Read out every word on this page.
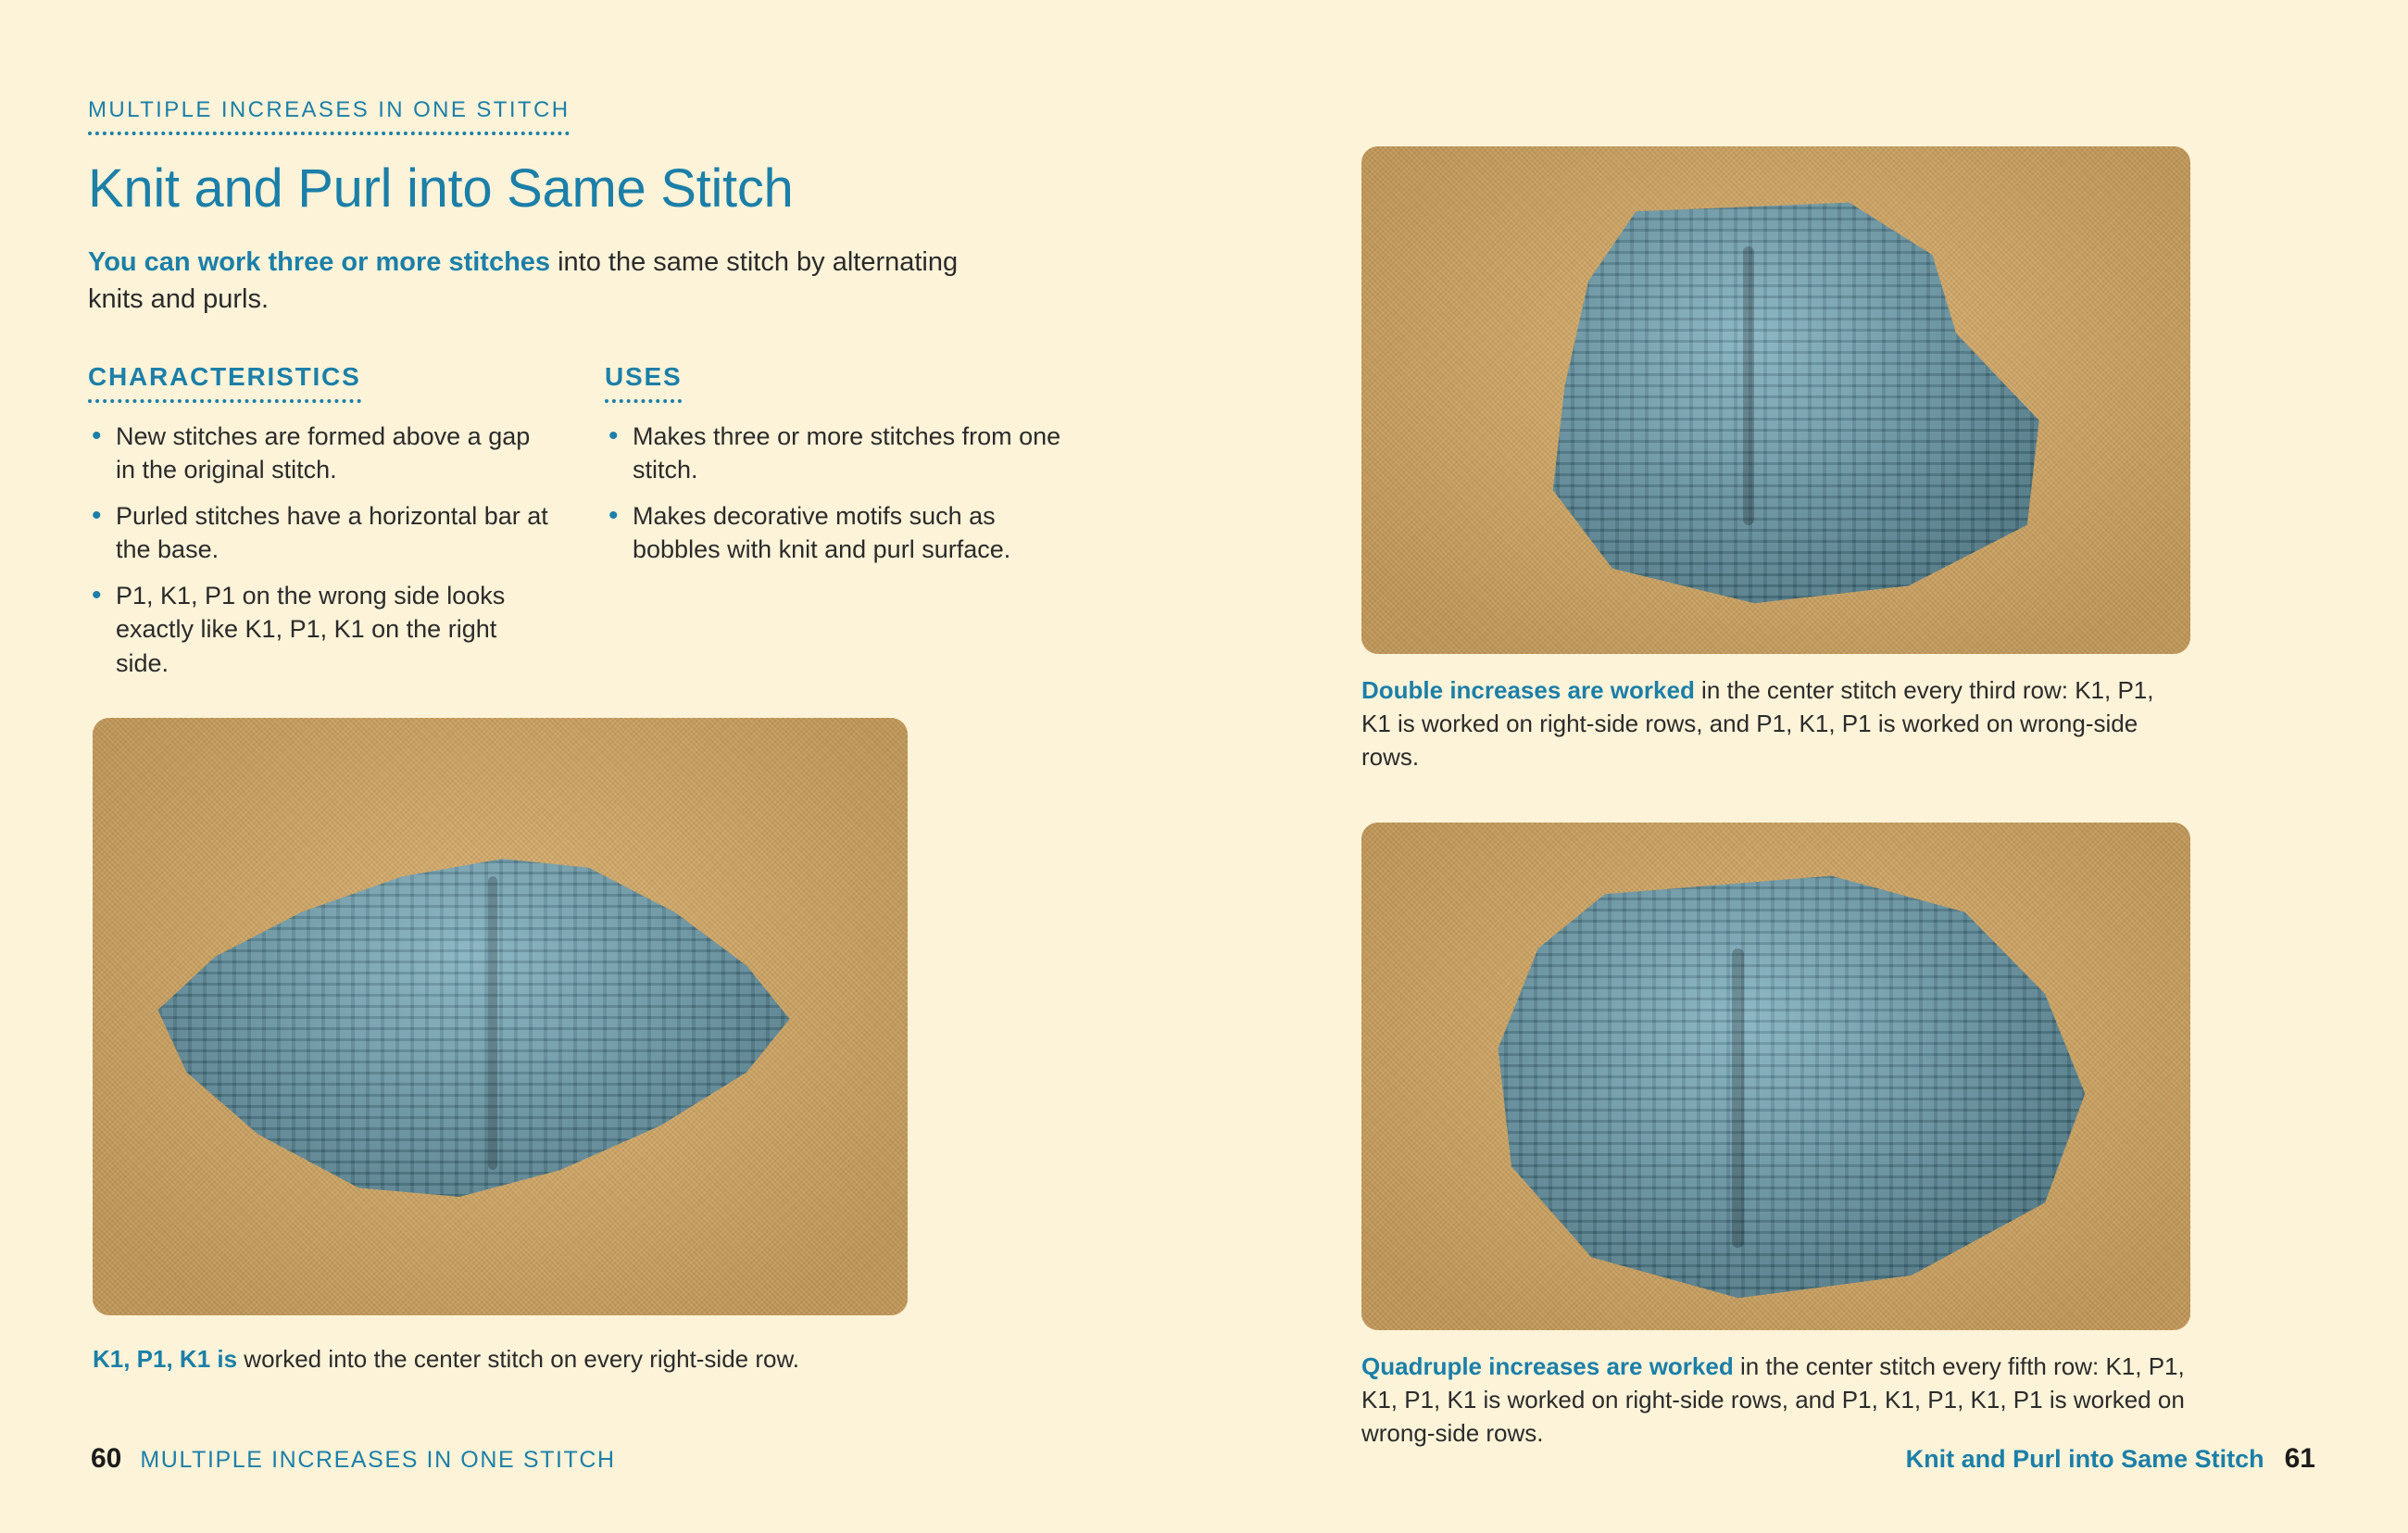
MULTIPLE INCREASES IN ONE STITCH
Knit and Purl into Same Stitch

You can work three or more stitches into the same stitch by alternating knits and purls.

CHARACTERISTICS
• New stitches are formed above a gap in the original stitch.
• Purled stitches have a horizontal bar at the base.
• P1, K1, P1 on the wrong side looks exactly like K1, P1, K1 on the right side.
USES
• Makes three or more stitches from one stitch.
• Makes decorative motifs such as bobbles with knit and purl surface.
K1, P1, K1 is worked into the center stitch on every right-side row.
Double increases are worked in the center stitch every third row: K1, P1, K1 is worked on right-side rows, and P1, K1, P1 is worked on wrong-side rows.
Quadruple increases are worked in the center stitch every fifth row: K1, P1, K1, P1, K1 is worked on right-side rows, and P1, K1, P1, K1, P1 is worked on wrong-side rows.
60 MULTIPLE INCREASES IN ONE STITCH	Knit and Purl into Same Stitch 61
